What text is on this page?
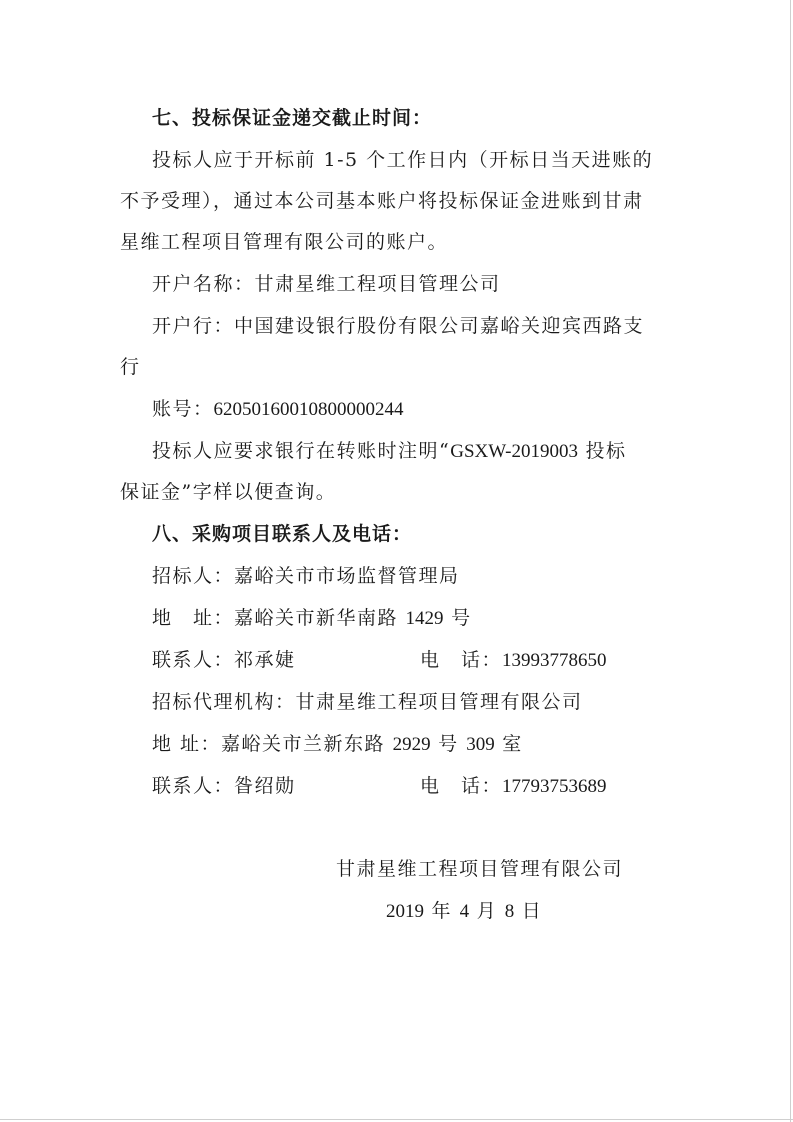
七、投标保证金递交截止时间：
投标人应于开标前 1-5 个工作日内（开标日当天进账的
不予受理），通过本公司基本账户将投标保证金进账到甘肃
星维工程项目管理有限公司的账户。
开户名称：甘肃星维工程项目管理公司
开户行：中国建设银行股份有限公司嘉峪关迎宾西路支
行
账号：62050160010800000244
投标人应要求银行在转账时注明“GSXW-2019003 投标
保证金”字样以便查询。
八、采购项目联系人及电话：
招标人：嘉峪关市市场监督管理局
地　址：嘉峪关市新华南路 1429 号
联系人：祁承婕	电　话：13993778650
招标代理机构：甘肃星维工程项目管理有限公司
地 址：嘉峪关市兰新东路 2929 号 309 室
联系人：昝绍勋	电　话：17793753689
甘肃星维工程项目管理有限公司
2019 年 4 月 8 日
